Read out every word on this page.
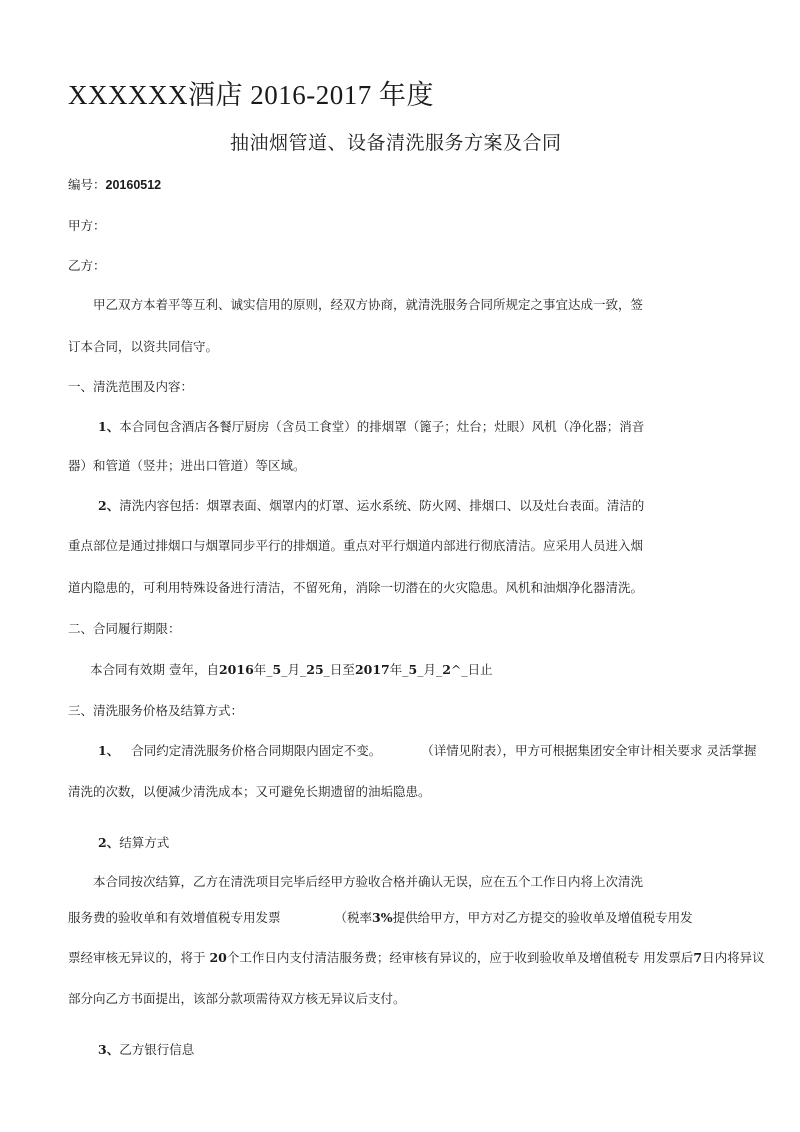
XXXXXX酒店 2016-2017 年度
抽油烟管道、设备清洗服务方案及合同
编号：20160512
甲方：
乙方：
甲乙双方本着平等互利、诚实信用的原则，经双方协商，就清洗服务合同所规定之事宜达成一致，签
订本合同，以资共同信守。
一、清洗范围及内容：
1、本合同包含酒店各餐厅厨房（含员工食堂）的排烟罩（篦子；灶台；灶眼）风机（净化器；消音
器）和管道（竖井；进出口管道）等区域。
2、清洗内容包括：烟罩表面、烟罩内的灯罩、运水系统、防火网、排烟口、以及灶台表面。清洁的
重点部位是通过排烟口与烟罩同步平行的排烟道。重点对平行烟道内部进行彻底清洁。应采用人员进入烟
道内隐患的，可利用特殊设备进行清洁，不留死角，消除一切潜在的火灾隐患。风机和油烟净化器清洗。
二、合同履行期限：
本合同有效期 壹年，自2016年_5_月_25_日至2017年_5_月_2^_日止
三、清洗服务价格及结算方式：
1、 合同约定清洗服务价格合同期限内固定不变。	（详情见附表），甲方可根据集团安全审计相关要求 灵活掌握
清洗的次数，以便减少清洗成本；又可避免长期遗留的油垢隐患。
2、结算方式
本合同按次结算，乙方在清洗项目完毕后经甲方验收合格并确认无误，应在五个工作日内将上次清洗
服务费的验收单和有效增值税专用发票	（税率3%提供给甲方，甲方对乙方提交的验收单及增值税专用发
票经审核无异议的，将于 20个工作日内支付清洁服务费；经审核有异议的，应于收到验收单及增值税专 用发票后7日内将异议
部分向乙方书面提出，该部分款项需待双方核无异议后支付。
3、乙方银行信息
